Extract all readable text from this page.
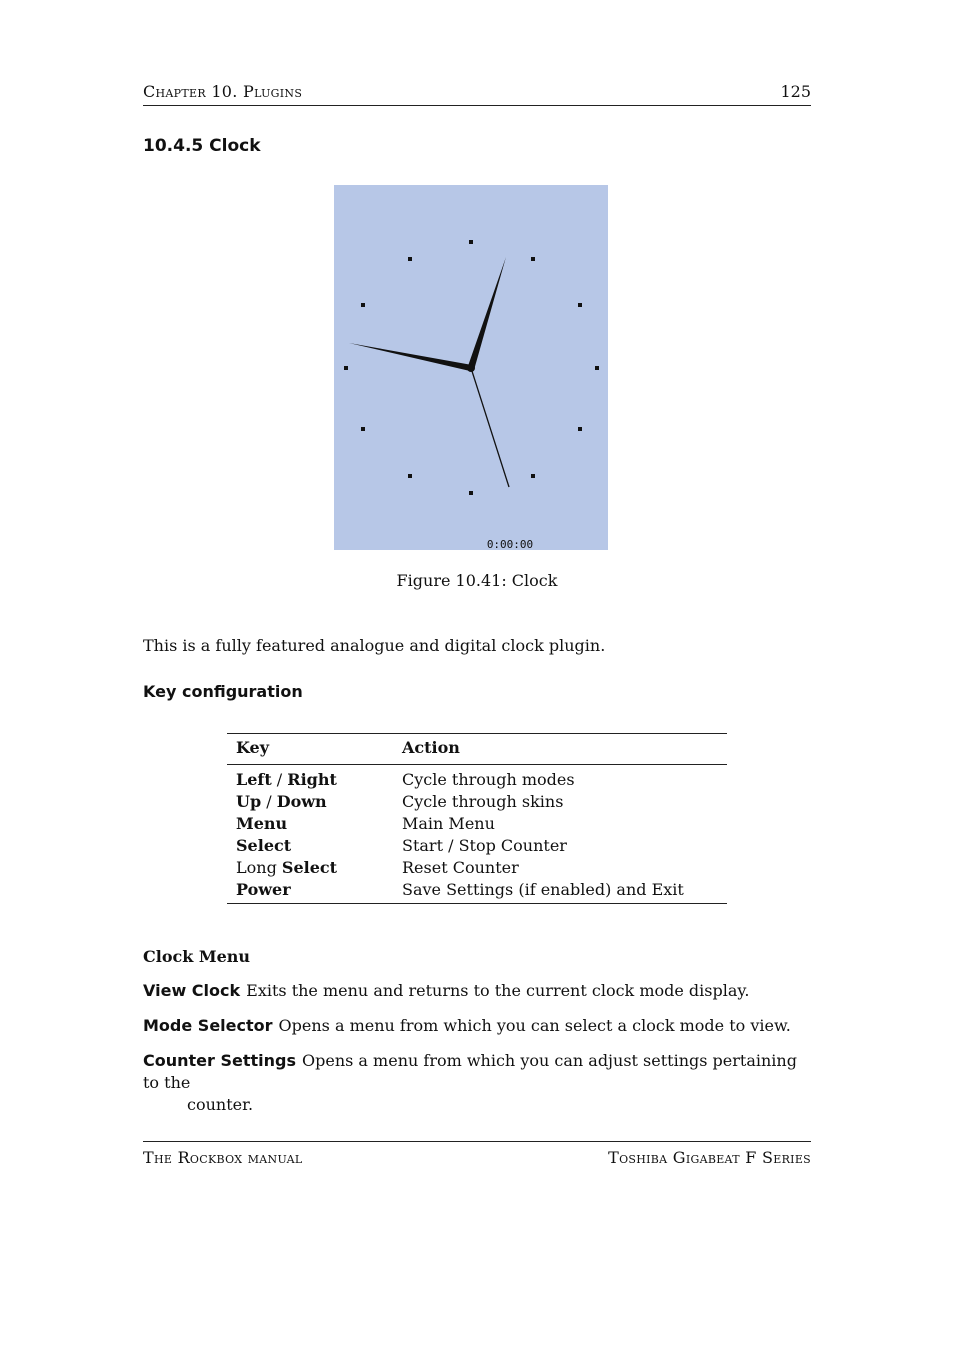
Chapter 10. Plugins	125
10.4.5 Clock
0:00:00
Figure 10.41: Clock
This is a fully featured analogue and digital clock plugin.
Key configuration
Key	Action
Left / Right	Cycle through modes
Up / Down	Cycle through skins
Menu	Main Menu
Select	Start / Stop Counter
Long Select	Reset Counter
Power	Save Settings (if enabled) and Exit
Clock Menu
View Clock Exits the menu and returns to the current clock mode display.
Mode Selector Opens a menu from which you can select a clock mode to view.
Counter Settings Opens a menu from which you can adjust settings pertaining to the
counter.
The Rockbox manual	Toshiba Gigabeat F Series
